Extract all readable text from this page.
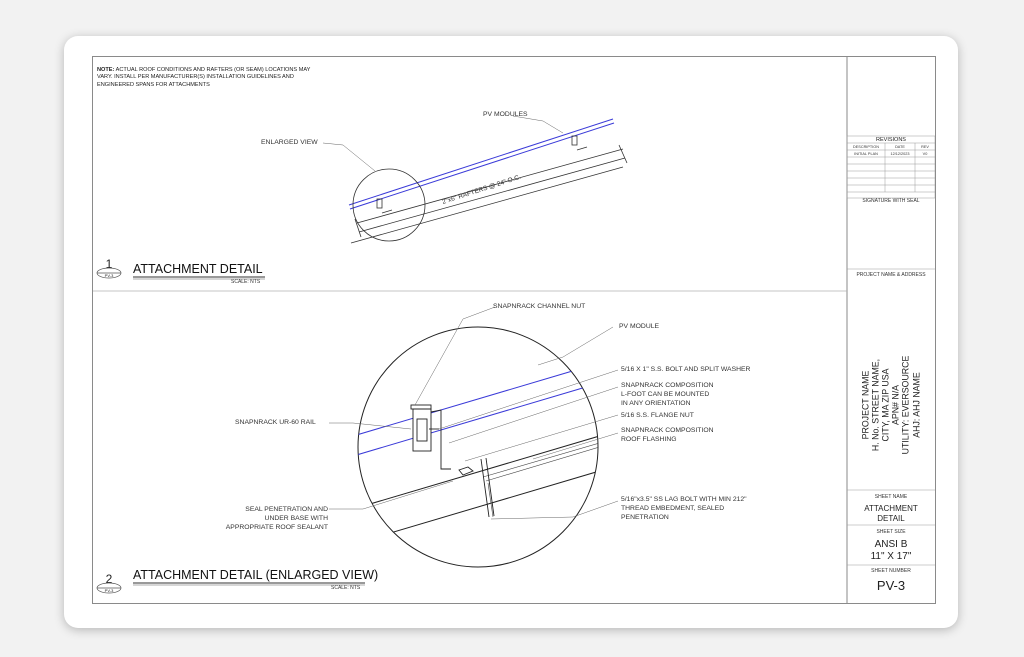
2"x6" RAFTERS @ 24" O.C.
NOTE: ACTUAL ROOF CONDITIONS AND RAFTERS (OR SEAM) LOCATIONS MAY VARY. INSTALL PER MANUFACTURER(S) INSTALLATION GUIDELINES AND ENGINEERED SPANS FOR ATTACHMENTS
PV MODULES
ENLARGED VIEW
1
PV-3	ATTACHMENT DETAIL
SCALE: NTS
SNAPNRACK CHANNEL NUT
PV MODULE
5/16 X 1" S.S. BOLT AND SPLIT WASHER
SNAPNRACK COMPOSITION
L-FOOT CAN BE MOUNTED
IN ANY ORIENTATION
5/16 S.S. FLANGE NUT
SNAPNRACK COMPOSITION
ROOF FLASHING
SNAPNRACK UR-60 RAIL
SEAL PENETRATION AND
UNDER BASE WITH
APPROPRIATE ROOF SEALANT
5/16"x3.5" SS LAG BOLT WITH MIN 212"
THREAD EMBEDMENT, SEALED
PENETRATION
2
PV-3
ATTACHMENT DETAIL (ENLARGED VIEW)
SCALE: NTS
REVISIONS
DESCRIPTION	DATE	REV
INITIAL PLAN	12/12/2023	V0
SIGNATURE WITH SEAL
PROJECT NAME & ADDRESS
PROJECT NAME H. No. STREET NAME, CITY, MA ZIP USA APN# N/A UTILITY: EVERSOURCE AHJ: AHJ NAME
SHEET NAME
ATTACHMENT
DETAIL
SHEET SIZE
ANSI B
11" X 17"
SHEET NUMBER
PV-3
